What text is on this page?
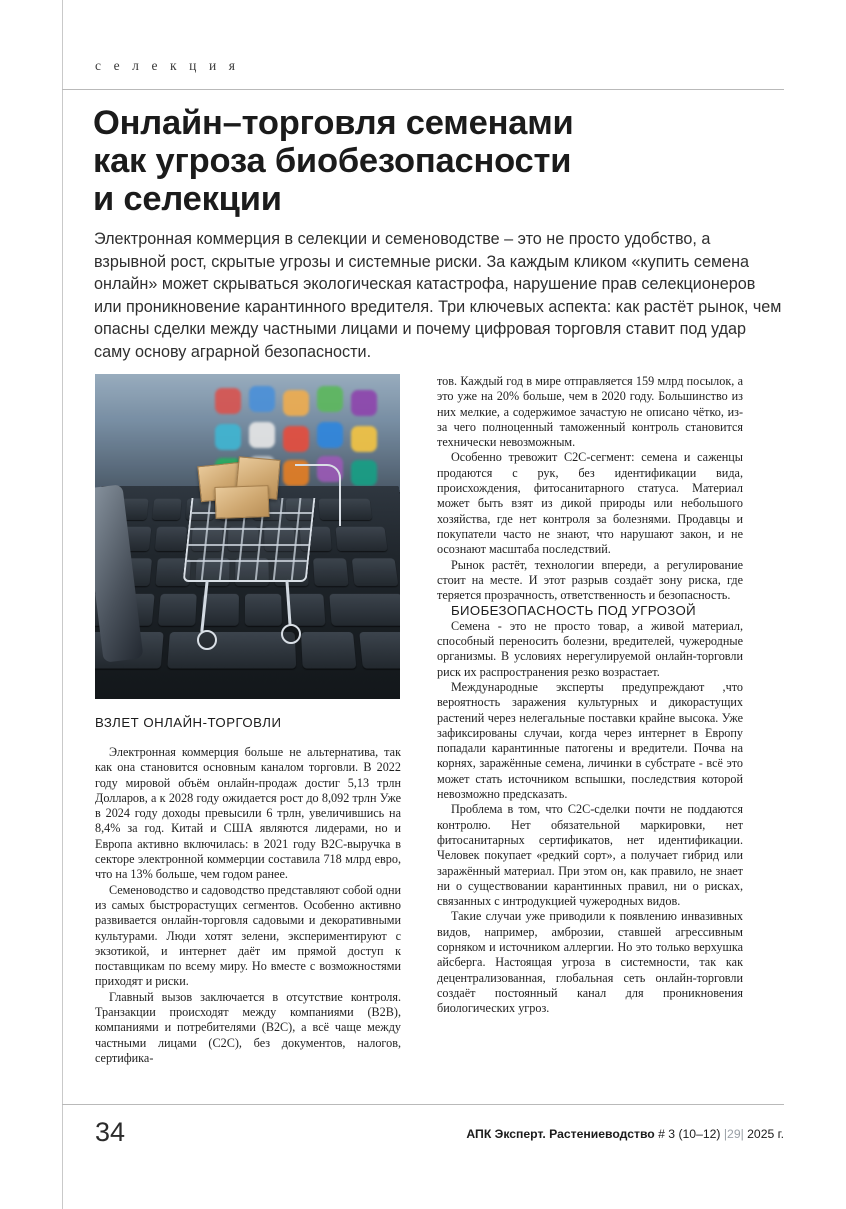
с е л е к ц и я
Онлайн–торговля семенами
как угроза биобезопасности
и селекции
Электронная коммерция в селекции и семеноводстве – это не просто удобство, а взрывной рост, скрытые угрозы и системные риски. За каждым кликом «купить семена онлайн» может скрываться экологическая катастрофа, нарушение прав селекционеров или проникновение карантинного вредителя. Три ключевых аспекта: как растёт рынок, чем опасны сделки между частными лицами и почему цифровая торговля ставит под удар саму основу аграрной безопасности.
ВЗЛЕТ ОНЛАЙН-ТОРГОВЛИ

Электронная коммерция больше не альтернатива, так как она становится основным каналом торговли. В 2022 году мировой объём онлайн-продаж достиг 5,13 трлн Долларов, а к 2028 году ожидается рост до 8,092 трлн Уже в 2024 году доходы превысили 6 трлн, увеличившись на 8,4% за год. Китай и США являются лидерами, но и Европа активно включилась: в 2021 году B2C-выручка в секторе электронной коммерции составила 718 млрд евро, что на 13% больше, чем годом ранее.

Семеноводство и садоводство представляют собой одни из самых быстрорастущих сегментов. Особенно активно развивается онлайн-торговля садовыми и декоративными культурами. Люди хотят зелени, экспериментируют с экзотикой, и интернет даёт им прямой доступ к поставщикам по всему миру. Но вместе с возможностями приходят и риски.

Главный вызов заключается в отсутствие контроля. Транзакции происходят между компаниями (B2B), компаниями и потребителями (B2C), а всё чаще между частными лицами (C2C), без документов, налогов, сертифика-

тов. Каждый год в мире отправляется 159 млрд посылок, а это уже на 20% больше, чем в 2020 году. Большинство из них мелкие, а содержимое зачастую не описано чётко, из-за чего полноценный таможенный контроль становится технически невозможным.

Особенно тревожит C2C-сегмент: семена и саженцы продаются с рук, без идентификации вида, происхождения, фитосанитарного статуса. Материал может быть взят из дикой природы или небольшого хозяйства, где нет контроля за болезнями. Продавцы и покупатели часто не знают, что нарушают закон, и не осознают масштаба последствий.

Рынок растёт, технологии впереди, а регулирование стоит на месте. И этот разрыв создаёт зону риска, где теряется прозрачность, ответственность и безопасность.

БИОБЕЗОПАСНОСТЬ ПОД УГРОЗОЙ

Семена - это не просто товар, а живой материал, способный переносить болезни, вредителей, чужеродные организмы. В условиях нерегулируемой онлайн-торговли риск их распространения резко возрастает.

Международные эксперты предупреждают ,что вероятность заражения культурных и дикорастущих растений через нелегальные поставки крайне высока. Уже зафиксированы случаи, когда через интернет в Европу попадали карантинные патогены и вредители. Почва на корнях, заражённые семена, личинки в субстрате - всё это может стать источником вспышки, последствия которой невозможно предсказать.

Проблема в том, что C2C-сделки почти не поддаются контролю. Нет обязательной маркировки, нет фитосанитарных сертификатов, нет идентификации. Человек покупает «редкий сорт», а получает гибрид или заражённый материал. При этом он, как правило, не знает ни о существовании карантинных правил, ни о рисках, связанных с интродукцией чужеродных видов.

Такие случаи уже приводили к появлению инвазивных видов, например, амброзии, ставшей агрессивным сорняком и источником аллергии. Но это только верхушка айсберга. Настоящая угроза в системности, так как децентрализованная, глобальная сеть онлайн-торговли создаёт постоянный канал для проникновения биологических угроз.

34	АПК Эксперт. Растениеводство # 3 (10–12) |29| 2025 г.
